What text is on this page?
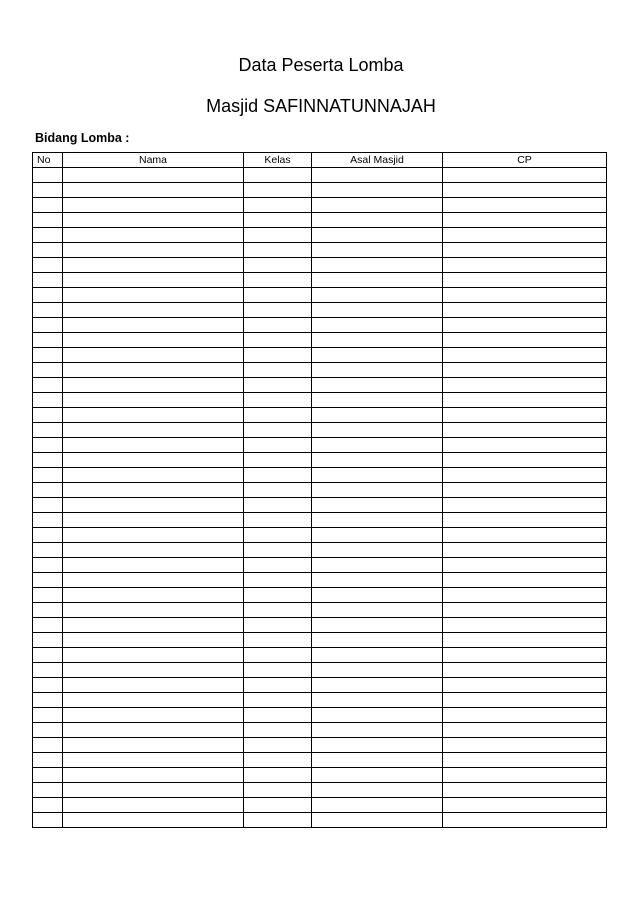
Data Peserta Lomba
Masjid SAFINNATUNNAJAH
Bidang Lomba :
No	Nama	Kelas	Asal Masjid	CP
